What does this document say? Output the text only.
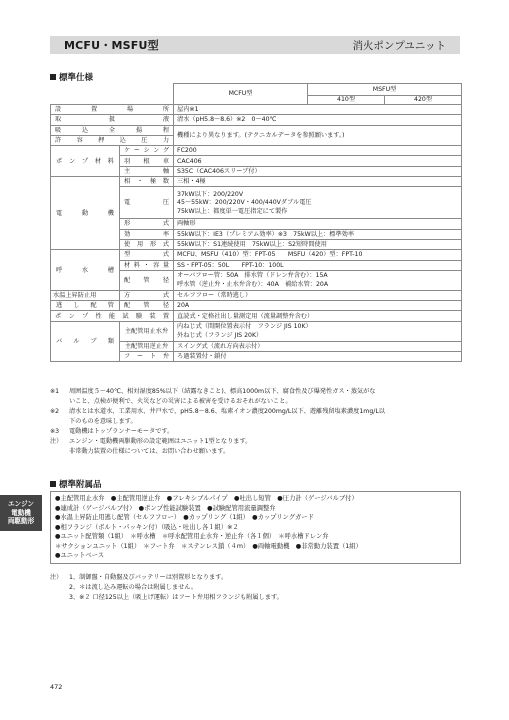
MCFU・MSFU型	消火ポンプユニット
標準仕様
		MCFU型	MSFU型

			410型 420型

設置場所		屋内※1	
取扱液		清水（pH5.8～8.6）※2　0～40℃	
吸込全揚程		機種により異なります。(テクニカルデータを参照願います。)	
許容押込圧力			
ポンプ材料	ケーシング	FC200	
	羽根車	CAC406	
	主軸	S35C（CAC406スリーブ付）	
電動機	相・極数	三相・4極	
	電圧	37kW以下：200/220V
45～55kW：200/220V・400/440Vダブル電圧
75kW以上：都度単一電圧指定にて製作	

	形式	両軸形	
	効率	55kW以下：IE3（プレミアム効率）※3　75kW以上：標準効率	
	使用形式	55kW以下：S1連続使用　75kW以上：S2短時間使用	
呼水槽	型式	MCFU、MSFU（410）型：FPT-05　　MSFU（420）型：FPT-10	
	材料・容量	SS・FPT-05：50L　　FPT-10：100L	
	配管径	オーバフロー管：50A　排水管（ドレン弁含む）：15A
呼水管（逆止弁・止水弁含む）：40A　補給水管：20A	

水温上昇防止用	方式	セルフフロー（常時逃し）	
逃し配管	配管径	20A	
ポンプ性能試験装置		直読式・定格社出し量測定用（流量調整弁含む）	
バルブ類	主配管用止水弁	内ねじ式（間開位置表示付　フランジ JIS 10K）
外ねじ式（フランジ JIS 20K）	

	主配管用逆止弁	スイング式（流れ方向表示付）	
	フート弁	ろ過装置付・鎖付	
※1	周囲温度５～40℃、相対湿度85%以下（結露なきこと)、標高1000m以下、腐食性及び爆発性ガス・蒸気がな
いこと、点検が便利で、火災などの災害による被害を受けるおそれがないこと。
※2	清水とは水道水、工業用水、井戸水で、pH5.8～8.6、塩素イオン濃度200mg/L以下、遊離残留塩素濃度1mg/L以
下のものを意味します。
※3	電動機はトップランナーモータです。
注）	エンジン・電動機両駆動形の設定範囲はユニット1型となります。
非常動力装置の仕様については、お問い合わせ願います。
エンジン
電動機
両駆動形
標準附属品
●主配管用止水弁　●主配管用逆止弁　●フレキシブルパイプ　●吐出し短管　●圧力計（ゲージバルブ付）
●連成計（ゲージバルブ付）　●ポンプ性能試験装置　●試験配管用流量調整弁
●水温上昇防止用逃し配管（セルフフロー）　●カップリング（1組）　●カップリングガード
●相フランジ（ボルト・パッキン付）（吸込・吐出し各１組）※２
●ユニット配管類（1組）　＊呼水槽　＊呼水配管用止水弁・逆止弁（各１個）　＊呼水槽ドレン弁
＊サクションユニット（1組）　＊フート弁　＊ステンレス鎖（４m）　●両軸電動機　●非常動力装置（1組）
●ユニットベース
注）	1、制御盤・自動盤及びバッテリーは別置形となります。
2、＊は流し込み運転の場合は附属しません。
3、※２ 口径125以上（吸上げ運転）はフート弁用相フランジも附属します。
472
